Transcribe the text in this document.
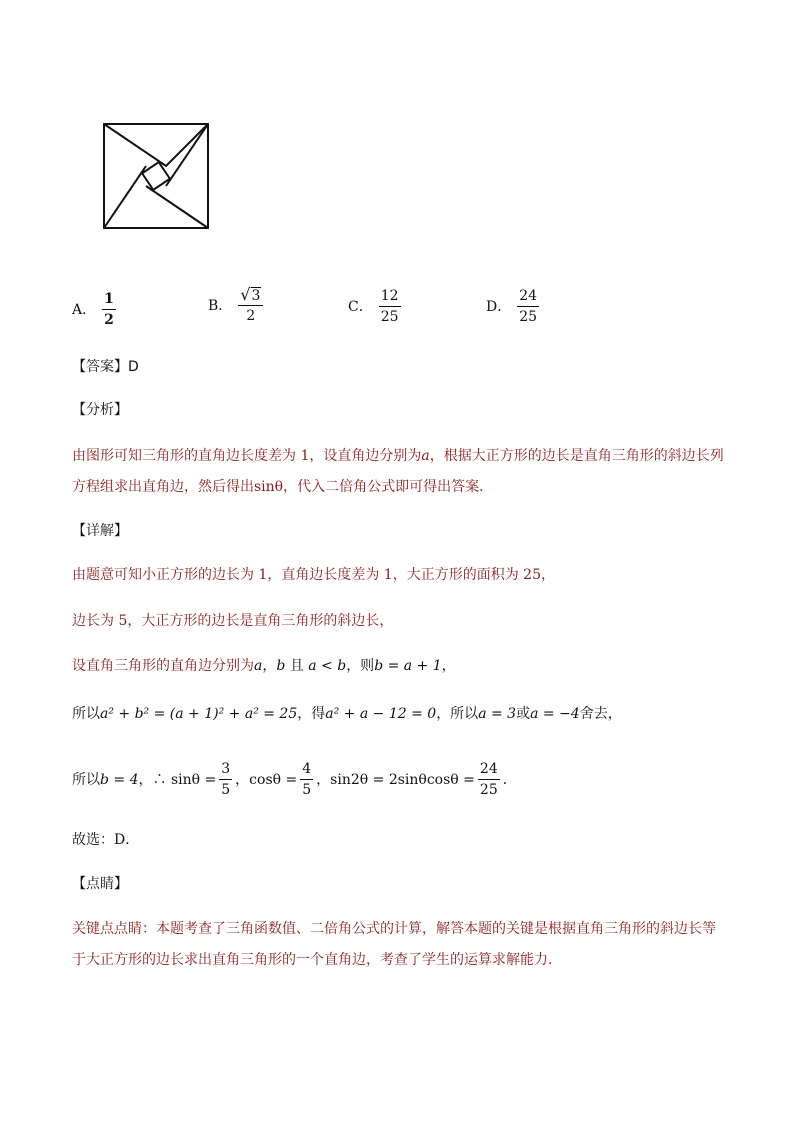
A． $\frac{1}{2}$	B． $\frac{√ 3}{2}$	C． $\frac{12}{25}$	D． $\frac{24}{25}$
【答案】D
【分析】
由图形可知三角形的直角边长度差为 1，设直角边分别为a，根据大正方形的边长是直角三角形的斜边长列
方程组求出直角边，然后得出sinθ，代入二倍角公式即可得出答案．
【详解】
由题意可知小正方形的边长为 1，直角边长度差为 1，大正方形的面积为 25，
边长为 5，大正方形的边长是直角三角形的斜边长，
设直角三角形的直角边分别为a，b 且 a < b，则b = a + 1，
所以a² + b² = (a + 1)² + a² = 25，得a² + a − 12 = 0，所以a = 3或a = −4舍去，
所以 b = 4 ，∴ $\sin\theta = \frac{3}{5}$ ，$\cos\theta = \frac{4}{5}$ ，$\sin 2\theta = 2\sin\theta\cos\theta = \frac{24}{25}$ ．
故选：D．
【点睛】
关键点点睛：本题考查了三角函数值、二倍角公式的计算，解答本题的关键是根据直角三角形的斜边长等
于大正方形的边长求出直角三角形的一个直角边，考查了学生的运算求解能力.
